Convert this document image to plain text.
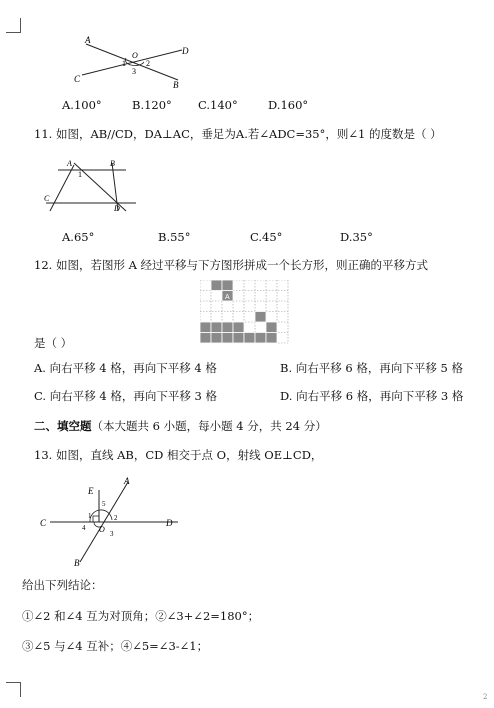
A
B
C
D
O
1	2
3
A.100°	B.120° C.140°	D.160°
11. 如图，AB//CD，DA⊥AC，垂足为A.若∠ADC=35°，则∠1 的度数是（ ）
A	B
C
D
1
A.65°	B.55°	C.45°	D.35°
12. 如图，若图形 A 经过平移与下方图形拼成一个长方形，则正确的平移方式
A
是（ ）
A. 向右平移 4 格，再向下平移 4 格	B. 向右平移 6 格，再向下平移 5 格
C. 向右平移 4 格，再向下平移 3 格	D. 向右平移 6 格，再向下平移 3 格
二、填空题（本大题共 6 小题，每小题 4 分，共 24 分）
13. 如图，直线 AB，CD 相交于点 O，射线 OE⊥CD，
A
B
C	D
E
O
1	2
3
4
5
给出下列结论：
①∠2 和∠4 互为对顶角；②∠3+∠2=180°；
③∠5 与∠4 互补；④∠5=∠3-∠1；
2
